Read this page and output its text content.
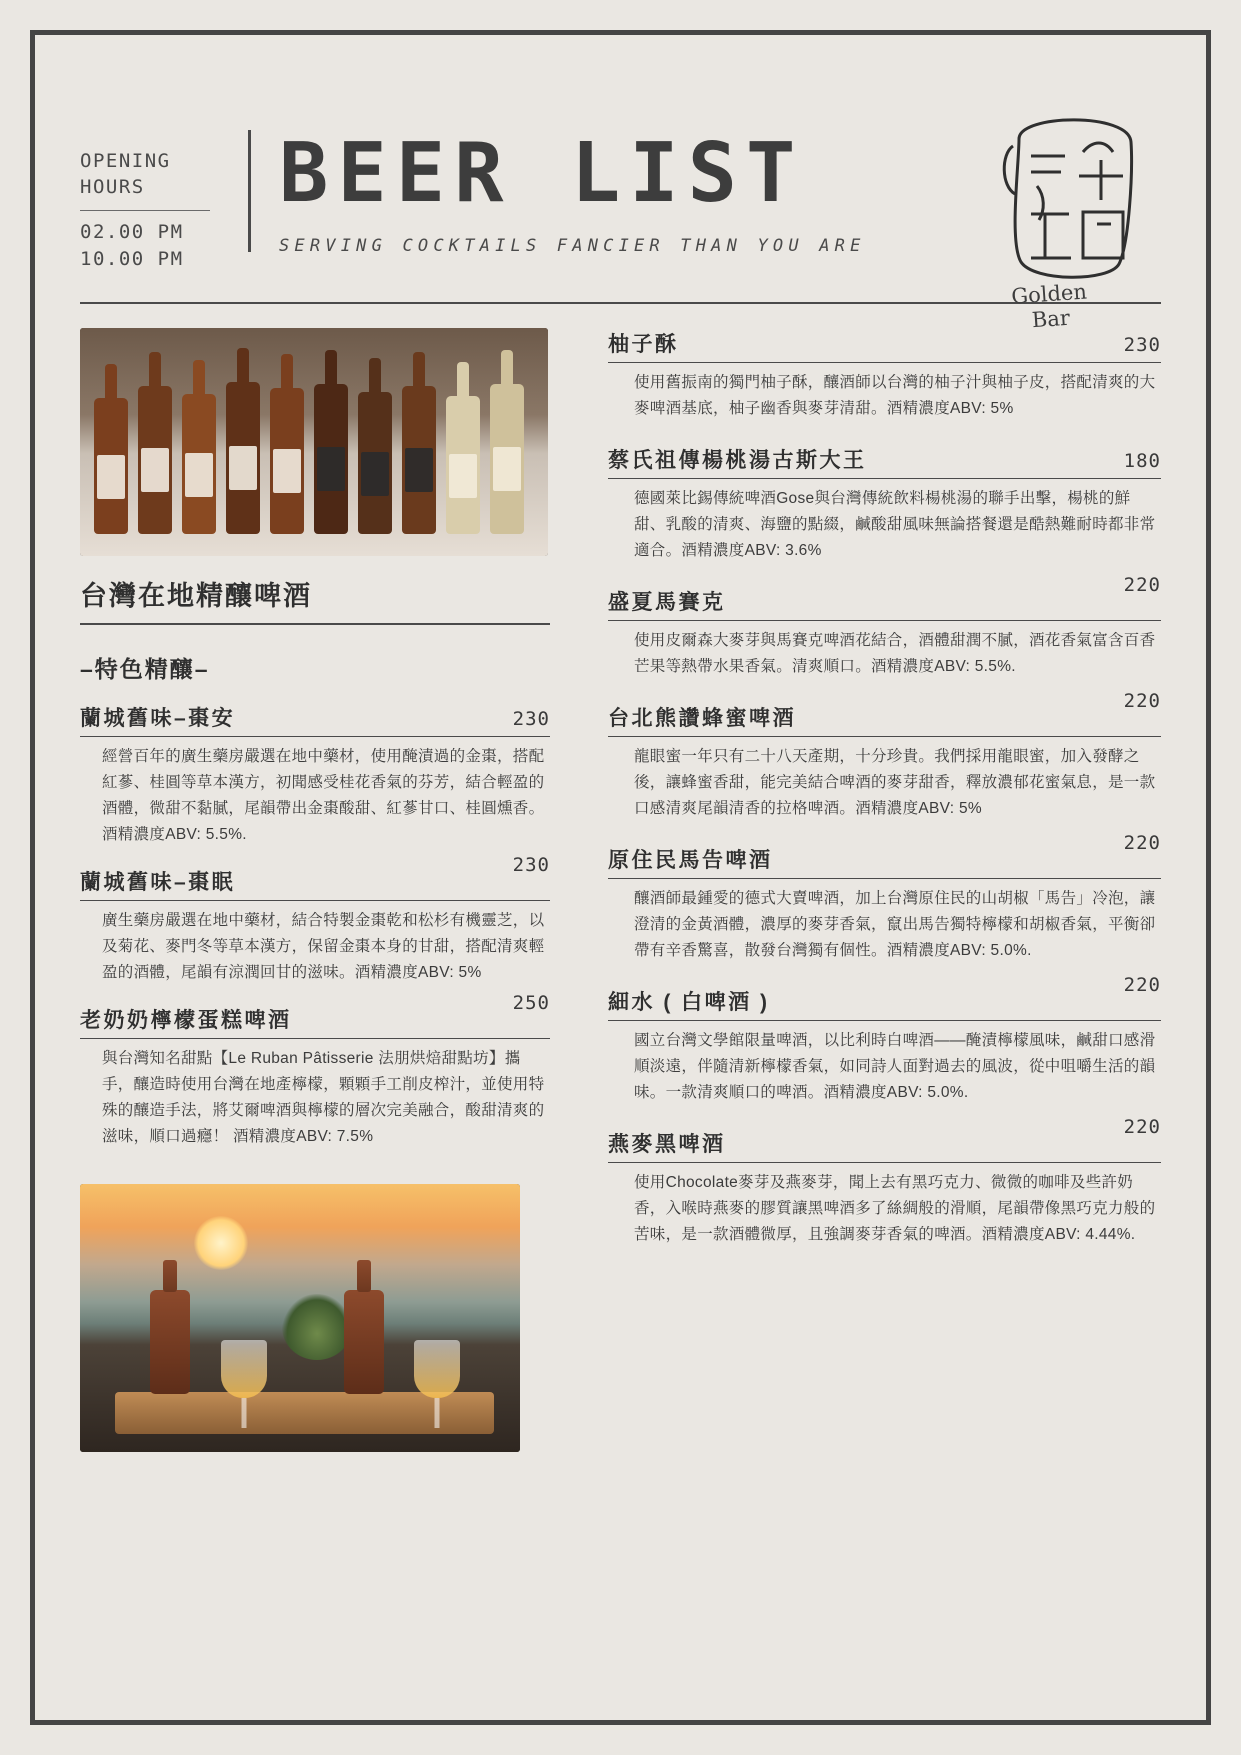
OPENING
HOURS
02.00 PM
10.00 PM
BEER LIST
SERVING COCKTAILS FANCIER THAN YOU ARE
Golden
Bar
台灣在地精釀啤酒
–特色精釀–
蘭城舊味–棗安	230
經營百年的廣生藥房嚴選在地中藥材，使用醃漬過的金棗，搭配紅蔘、桂圓等草本漢方，初聞感受桂花香氣的芬芳，結合輕盈的酒體，微甜不黏膩，尾韻帶出金棗酸甜、紅蔘甘口、桂圓燻香。酒精濃度ABV: 5.5%.
蘭城舊味–棗眠
230
廣生藥房嚴選在地中藥材，結合特製金棗乾和松杉有機靈芝，以及菊花、麥門冬等草本漢方，保留金棗本身的甘甜，搭配清爽輕盈的酒體，尾韻有涼潤回甘的滋味。酒精濃度ABV: 5%
老奶奶檸檬蛋糕啤酒
250
與台灣知名甜點【Le Ruban Pâtisserie 法朋烘焙甜點坊】攜手，釀造時使用台灣在地產檸檬，顆顆手工削皮榨汁，並使用特殊的釀造手法，將艾爾啤酒與檸檬的層次完美融合，酸甜清爽的滋味，順口過癮！ 酒精濃度ABV: 7.5%
柚子酥	230
使用舊振南的獨門柚子酥，釀酒師以台灣的柚子汁與柚子皮，搭配清爽的大麥啤酒基底，柚子幽香與麥芽清甜。酒精濃度ABV: 5%
蔡氏祖傳楊桃湯古斯大王	180
德國萊比錫傳統啤酒Gose與台灣傳統飲料楊桃湯的聯手出擊，楊桃的鮮甜、乳酸的清爽、海鹽的點綴，鹹酸甜風味無論搭餐還是酷熱難耐時都非常適合。酒精濃度ABV: 3.6%
盛夏馬賽克
220
使用皮爾森大麥芽與馬賽克啤酒花結合，酒體甜潤不膩，酒花香氣富含百香芒果等熱帶水果香氣。清爽順口。酒精濃度ABV: 5.5%.
台北熊讚蜂蜜啤酒
220
龍眼蜜一年只有二十八天產期，十分珍貴。我們採用龍眼蜜，加入發酵之後，讓蜂蜜香甜，能完美結合啤酒的麥芽甜香，釋放濃郁花蜜氣息，是一款口感清爽尾韻清香的拉格啤酒。酒精濃度ABV: 5%
原住民馬告啤酒
220
釀酒師最鍾愛的德式大賣啤酒，加上台灣原住民的山胡椒「馬告」冷泡，讓澄清的金黃酒體，濃厚的麥芽香氣，竄出馬告獨特檸檬和胡椒香氣，平衡卻帶有辛香驚喜，散發台灣獨有個性。酒精濃度ABV: 5.0%.
細水 ( 白啤酒 )
220
國立台灣文學館限量啤酒，以比利時白啤酒——醃漬檸檬風味，鹹甜口感滑順淡遠，伴隨清新檸檬香氣，如同詩人面對過去的風波，從中咀嚼生活的韻味。一款清爽順口的啤酒。酒精濃度ABV: 5.0%.
燕麥黑啤酒
220
使用Chocolate麥芽及燕麥芽，聞上去有黑巧克力、微微的咖啡及些許奶香，入喉時燕麥的膠質讓黑啤酒多了絲綢般的滑順，尾韻帶像黑巧克力般的苦味，是一款酒體微厚，且強調麥芽香氣的啤酒。酒精濃度ABV: 4.44%.
